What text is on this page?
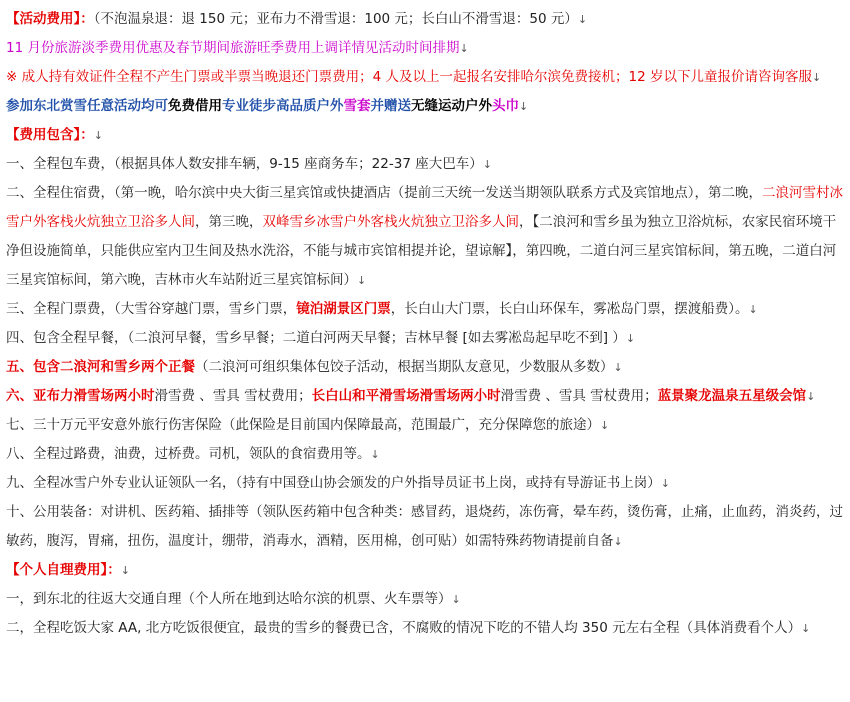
【活动费用】：（不泡温泉退：退 150 元；亚布力不滑雪退：100 元；长白山不滑雪退：50 元）↓
11 月份旅游淡季费用优惠及春节期间旅游旺季费用上调详情见活动时间排期↓
※ 成人持有效证件全程不产生门票或半票当晚退还门票费用；4 人及以上一起报名安排哈尔滨免费接机；12 岁以下儿童报价请咨询客服↓
参加东北赏雪任意活动均可免费借用专业徒步高品质户外雪套并赠送无缝运动户外头巾↓
【费用包含】：↓
一、全程包车费，（根据具体人数安排车辆，9-15 座商务车；22-37 座大巴车）↓
二、全程住宿费，（第一晚，哈尔滨中央大街三星宾馆或快捷酒店（提前三天统一发送当期领队联系方式及宾馆地点），第二晚，二浪河雪村冰雪户外客栈火炕独立卫浴多人间，第三晚，双峰雪乡冰雪户外客栈火炕独立卫浴多人间，【二浪河和雪乡虽为独立卫浴炕标，农家民宿环境干净但设施简单，只能供应室内卫生间及热水洗浴，不能与城市宾馆相提并论，望谅解】，第四晚，二道白河三星宾馆标间，第五晚，二道白河三星宾馆标间，第六晚，吉林市火车站附近三星宾馆标间）↓
三、全程门票费，（大雪谷穿越门票，雪乡门票，镜泊湖景区门票，长白山大门票，长白山环保车，雾凇岛门票，摆渡船费）。↓
四、包含全程早餐，（二浪河早餐，雪乡早餐；二道白河两天早餐；吉林早餐 [如去雾凇岛起早吃不到] ）↓
五、包含二浪河和雪乡两个正餐（二浪河可组织集体包饺子活动，根据当期队友意见，少数服从多数）↓
六、亚布力滑雪场两小时滑雪费 、雪具 雪杖费用；长白山和平滑雪场滑雪场两小时滑雪费 、雪具 雪杖费用；蓝景聚龙温泉五星级会馆↓
七、三十万元平安意外旅行伤害保险（此保险是目前国内保障最高，范围最广，充分保障您的旅途）↓
八、全程过路费，油费，过桥费。司机，领队的食宿费用等。↓
九、全程冰雪户外专业认证领队一名，（持有中国登山协会颁发的户外指导员证书上岗，或持有导游证书上岗）↓
十、公用装备：对讲机、医药箱、插排等（领队医药箱中包含种类：感冒药，退烧药，冻伤膏，晕车药，烫伤膏，止痛，止血药，消炎药，过敏药，腹泻，胃痛，扭伤，温度计，绷带，消毒水，酒精，医用棉，创可贴）如需特殊药物请提前自备↓
【个人自理费用】：↓
一，到东北的往返大交通自理（个人所在地到达哈尔滨的机票、火车票等）↓
二，全程吃饭大家 AA, 北方吃饭很便宜，最贵的雪乡的餐费已含，不腐败的情况下吃的不错人均 350 元左右全程（具体消费看个人）↓
